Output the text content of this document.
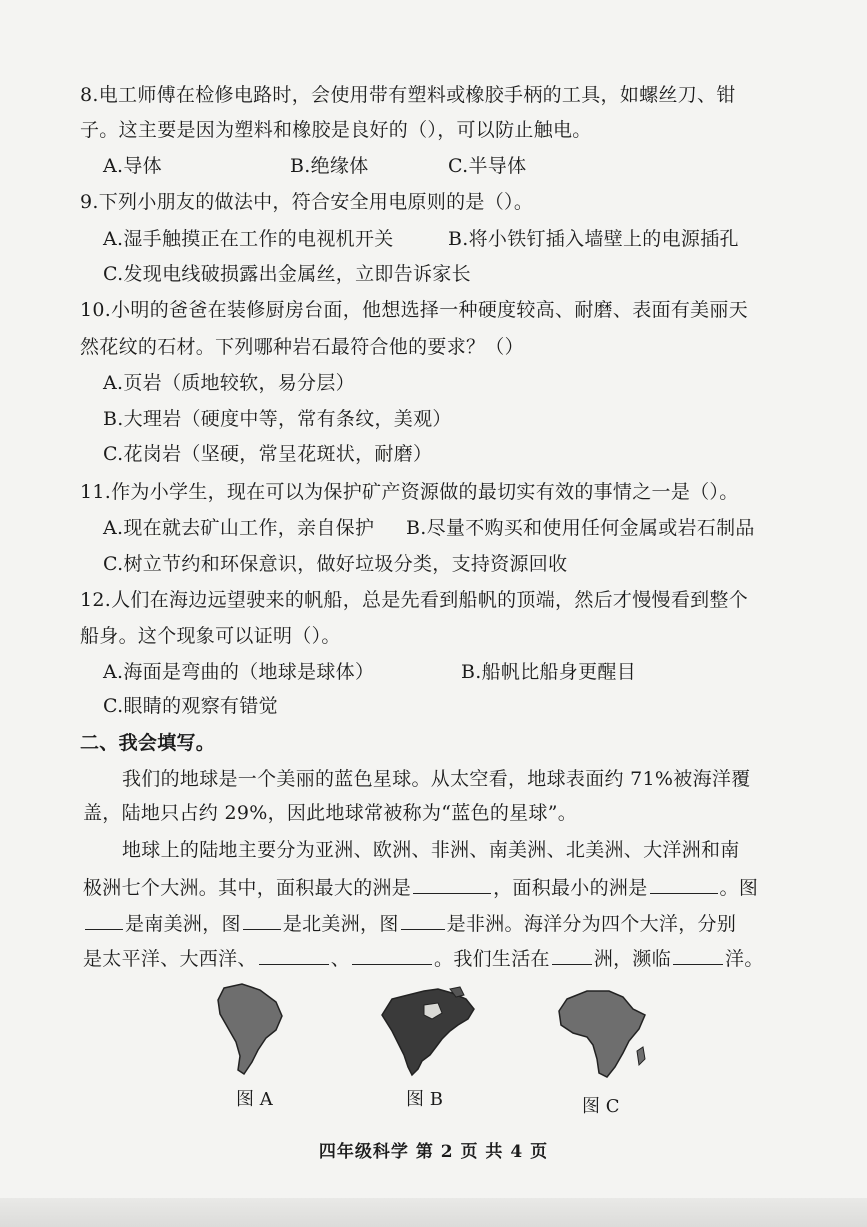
8.电工师傅在检修电路时，会使用带有塑料或橡胶手柄的工具，如螺丝刀、钳
子。这主要是因为塑料和橡胶是良好的（），可以防止触电。
A.导体	B.绝缘体	C.半导体
9.下列小朋友的做法中，符合安全用电原则的是（）。
A.湿手触摸正在工作的电视机开关	B.将小铁钉插入墙壁上的电源插孔
C.发现电线破损露出金属丝，立即告诉家长
10.小明的爸爸在装修厨房台面，他想选择一种硬度较高、耐磨、表面有美丽天
然花纹的石材。下列哪种岩石最符合他的要求？（）
A.页岩（质地较软，易分层）
B.大理岩（硬度中等，常有条纹，美观）
C.花岗岩（坚硬，常呈花斑状，耐磨）
11.作为小学生，现在可以为保护矿产资源做的最切实有效的事情之一是（）。
A.现在就去矿山工作，亲自保护 B.尽量不购买和使用任何金属或岩石制品
C.树立节约和环保意识，做好垃圾分类，支持资源回收
12.人们在海边远望驶来的帆船，总是先看到船帆的顶端，然后才慢慢看到整个
船身。这个现象可以证明（）。
A.海面是弯曲的（地球是球体）	B.船帆比船身更醒目
C.眼睛的观察有错觉
二、我会填写。
我们的地球是一个美丽的蓝色星球。从太空看，地球表面约 71%被海洋覆
盖，陆地只占约 29%，因此地球常被称为“蓝色的星球”。
地球上的陆地主要分为亚洲、欧洲、非洲、南美洲、北美洲、大洋洲和南
极洲七个大洲。其中，面积最大的洲是	，面积最小的洲是	。图
是南美洲，图 是北美洲，图	是非洲。海洋分为四个大洋，分别
是太平洋、大西洋、	、	。我们生活在 洲，濒临	洋。
图 A	图 B	图 C
四年级科学 第 2 页 共 4 页
